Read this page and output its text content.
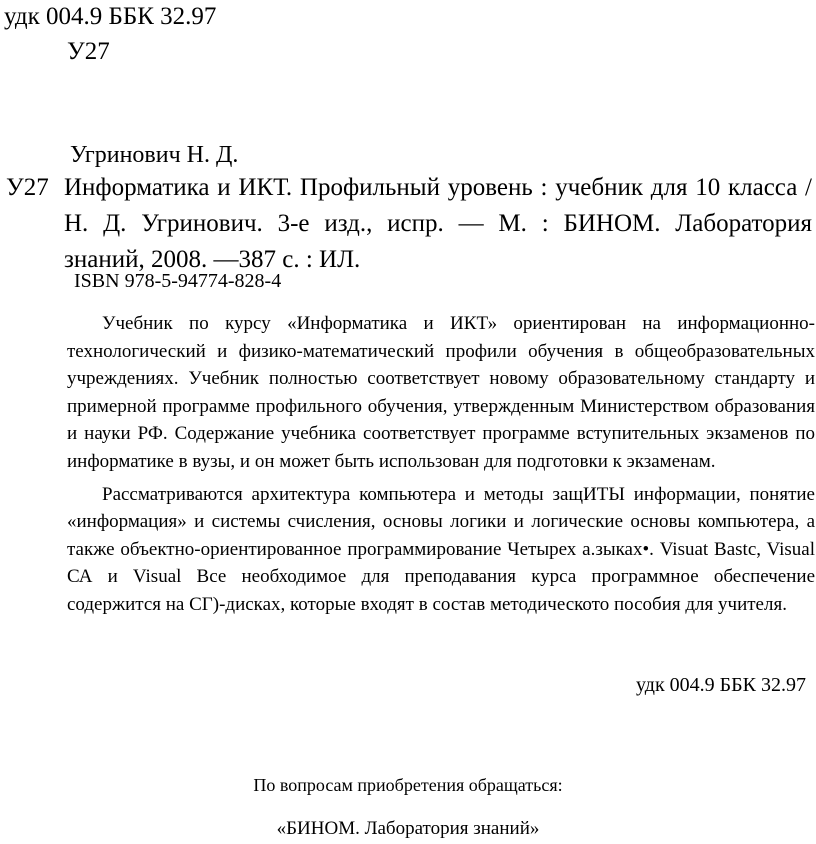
удк 004.9 ББК 32.97
У27
Угринович Н. Д.
У27 Информатика и ИКТ. Профильный уровень : учебник для 10 класса / Н. Д. Угринович. 3-е изд., испр. — М. : БИНОМ. Лаборатория знаний, 2008. —387 с. : ИЛ.
ISBN 978-5-94774-828-4

Учебник по курсу «Информатика и ИКТ» ориентирован на информационно-технологический и физико-математический профили обучения в общеобразовательных учреждениях. Учебник полностью соответствует новому образовательному стандарту и примерной программе профильного обучения, утвержденным Министерством образования и науки РФ. Содержание учебника соответствует программе вступительных экзаменов по информатике в вузы, и он может быть использован для подготовки к экзаменам.

Рассматриваются архитектура компьютера и методы защИТЫ информации, понятие «информация» и системы счисления, основы логики и логические основы компьютера, а также объектно-ориентированное программирование Четырех а.зыках•. Visuat Bastc, Visual СА и Visual Все необходимое для преподавания курса программное обеспечение содержится на СГ)-дисках, которые входят в состав методическото пособия для учителя.

удк 004.9 ББК 32.97
По вопросам приобретения обращаться:
«БИНОМ. Лаборатория знаний»
